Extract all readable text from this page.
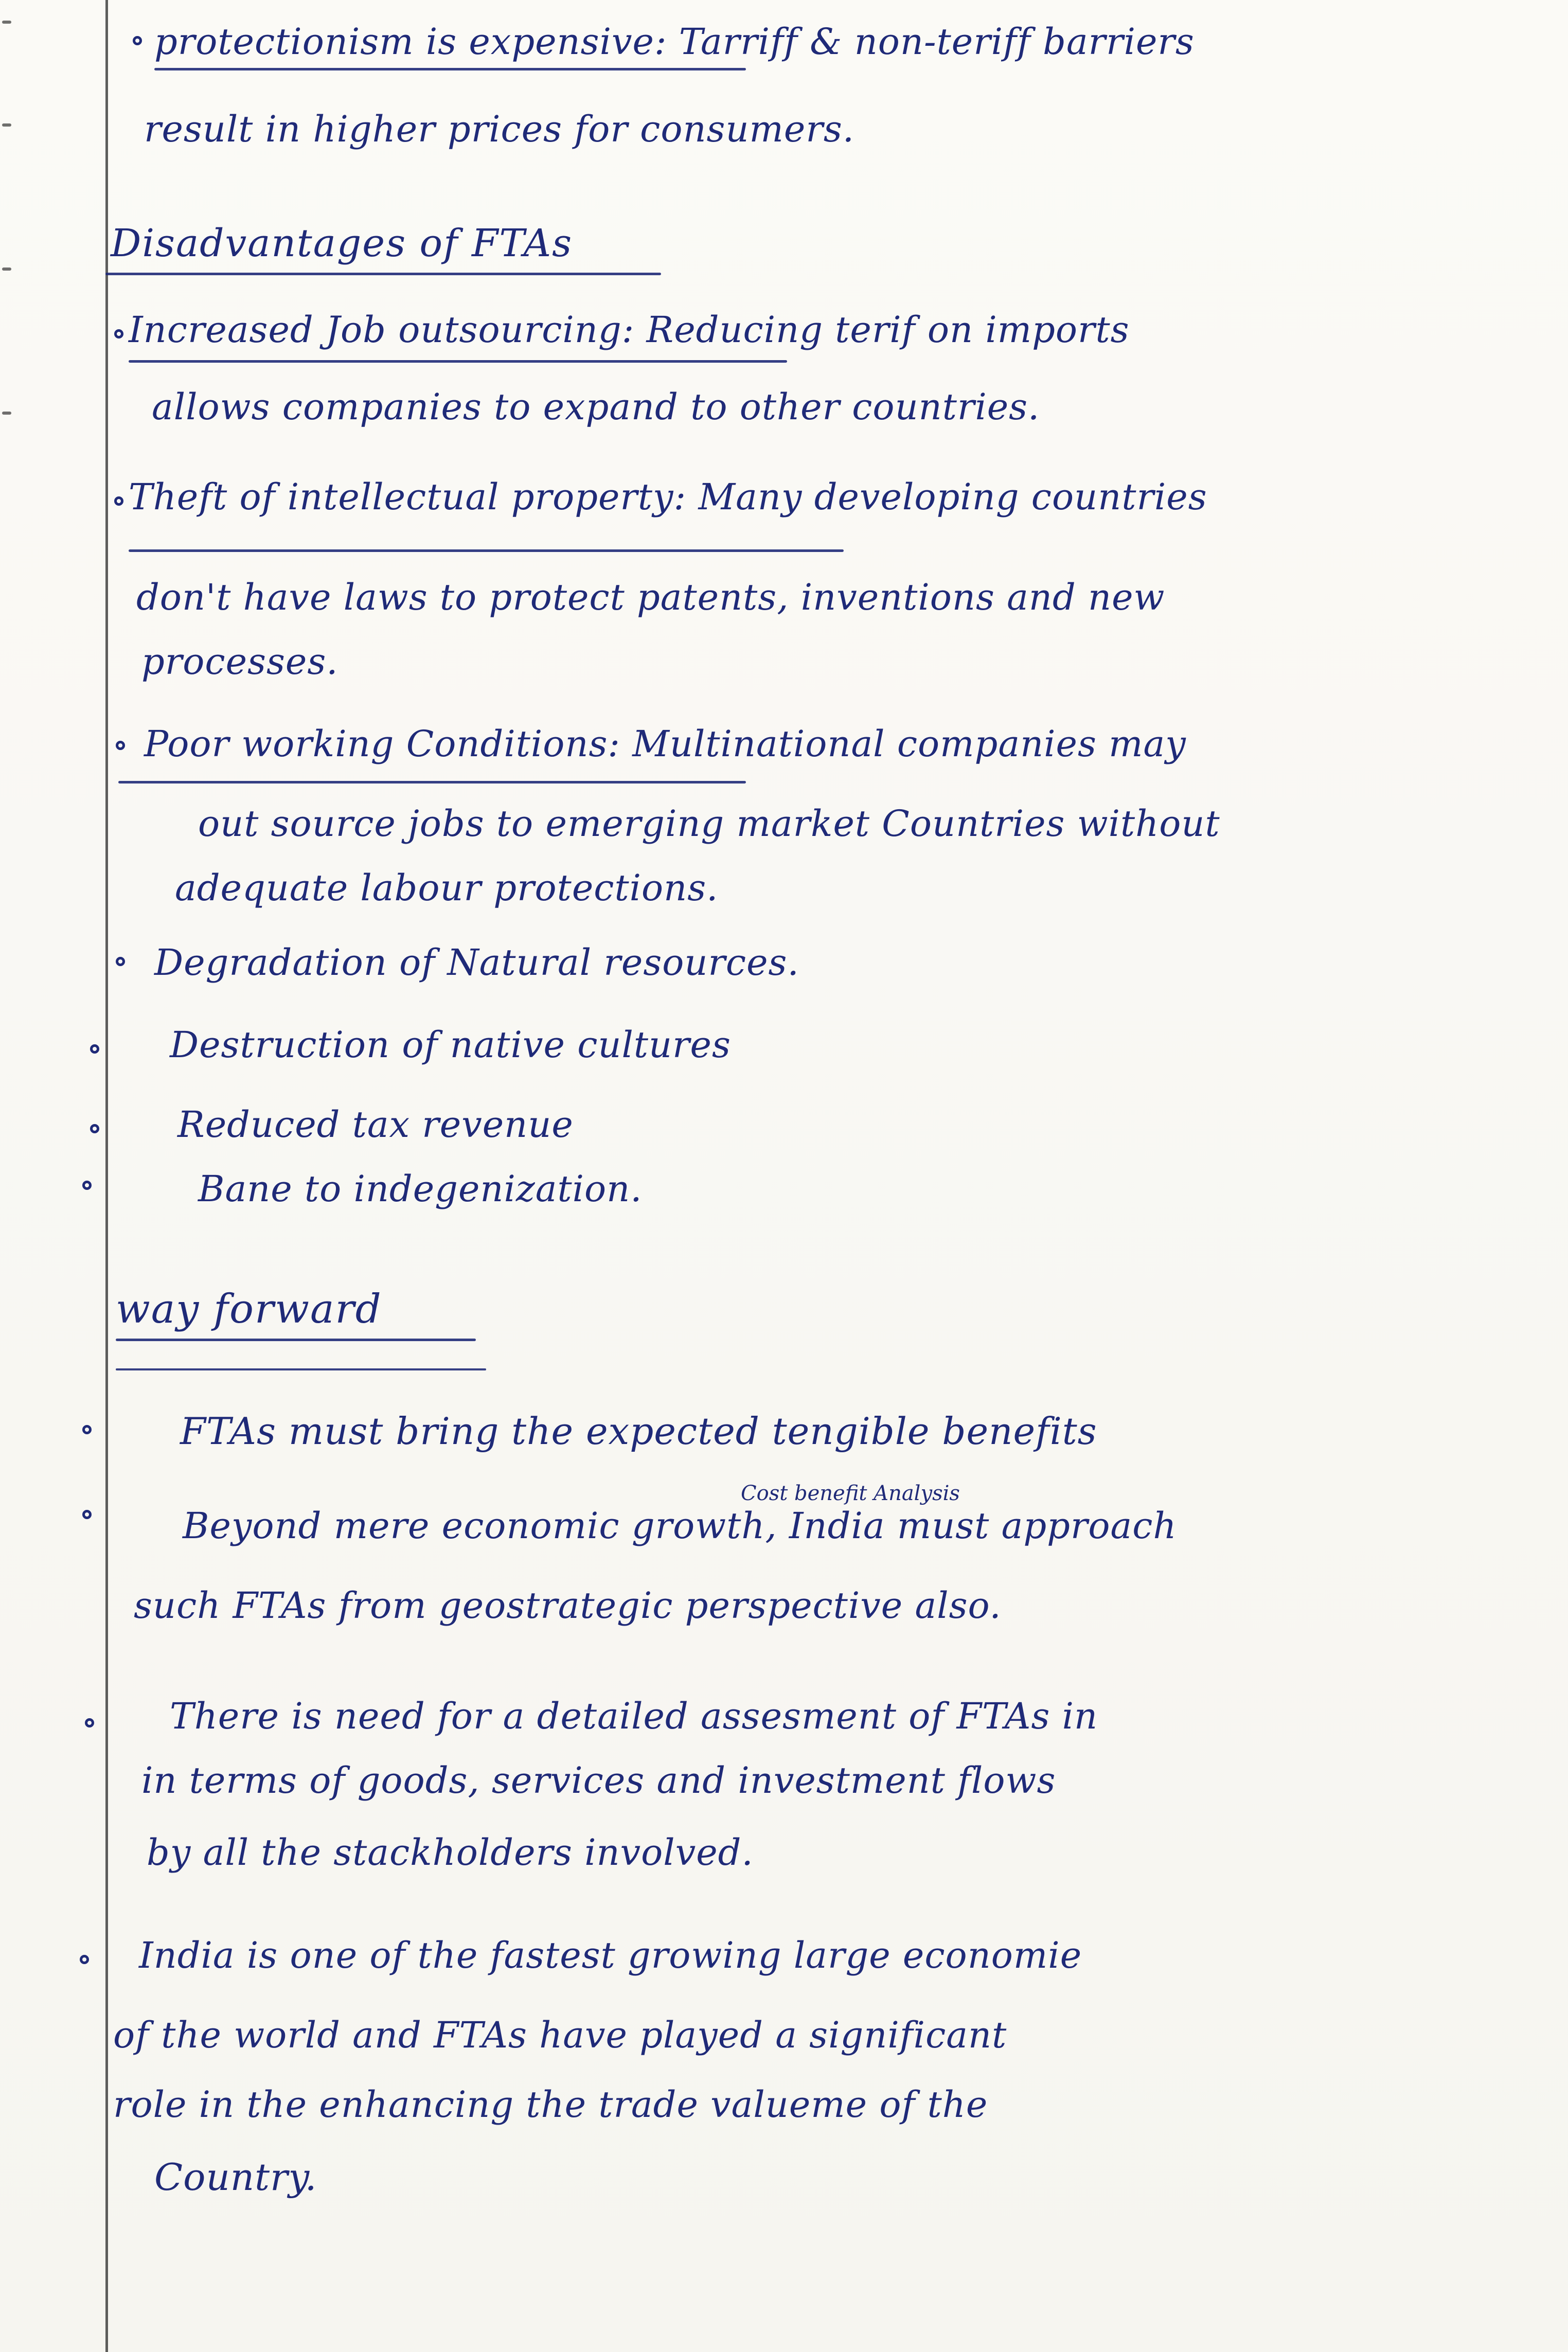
protectionism is expensive: Tarriff & non-teriff barriers
result in higher prices for consumers.
Disadvantages of FTAs
Increased Job outsourcing: Reducing terif on imports
allows companies to expand to other countries.
Theft of intellectual property: Many developing countries
don't have laws to protect patents, inventions and new
processes.
Poor working Conditions: Multinational companies may
out source jobs to emerging market Countries without
adequate labour protections.
Degradation of Natural resources.
Destruction of native cultures
Reduced tax revenue
Bane to indegenization.
way forward
FTAs must bring the expected tengible benefits
Cost benefit Analysis
Beyond mere economic growth, India must approach
such FTAs from geostrategic perspective also.
There is need for a detailed assesment of FTAs in
in terms of goods, services and investment flows
by all the stackholders involved.
India is one of the fastest growing large economie
of the world and FTAs have played a significant
role in the enhancing the trade valueme of the
Country.
